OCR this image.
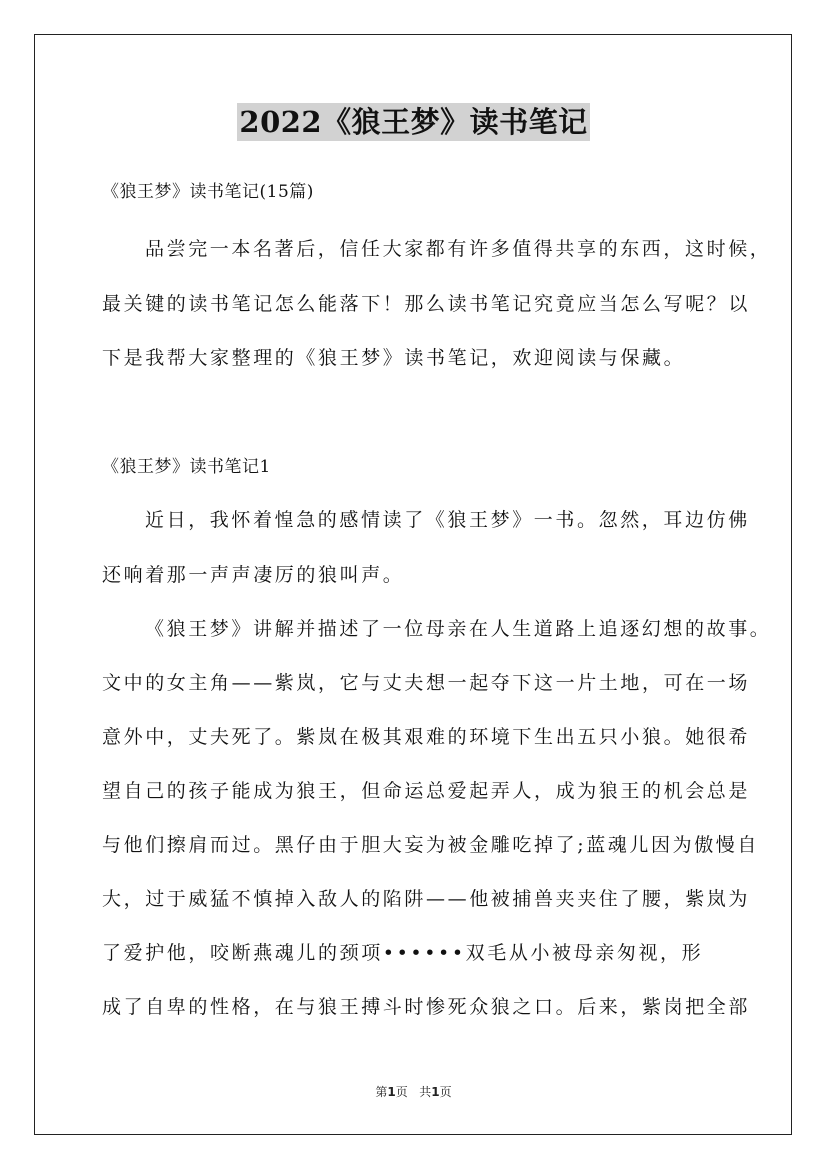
2022《狼王梦》读书笔记
《狼王梦》读书笔记(15篇)
品尝完一本名著后，信任大家都有许多值得共享的东西，这时候，
最关键的读书笔记怎么能落下！那么读书笔记究竟应当怎么写呢？以
下是我帮大家整理的《狼王梦》读书笔记，欢迎阅读与保藏。
《狼王梦》读书笔记1
近日，我怀着惶急的感情读了《狼王梦》一书。忽然，耳边仿佛
还响着那一声声凄厉的狼叫声。
《狼王梦》讲解并描述了一位母亲在人生道路上追逐幻想的故事。
文中的女主角——紫岚，它与丈夫想一起夺下这一片土地，可在一场
意外中，丈夫死了。紫岚在极其艰难的环境下生出五只小狼。她很希
望自己的孩子能成为狼王，但命运总爱起弄人，成为狼王的机会总是
与他们擦肩而过。黑仔由于胆大妄为被金雕吃掉了;蓝魂儿因为傲慢自
大，过于威猛不慎掉入敌人的陷阱——他被捕兽夹夹住了腰，紫岚为
了爱护他，咬断燕魂儿的颈项••••••双毛从小被母亲匆视，形
成了自卑的性格，在与狼王搏斗时惨死众狼之口。后来，紫岗把全部
第1页 共1页
